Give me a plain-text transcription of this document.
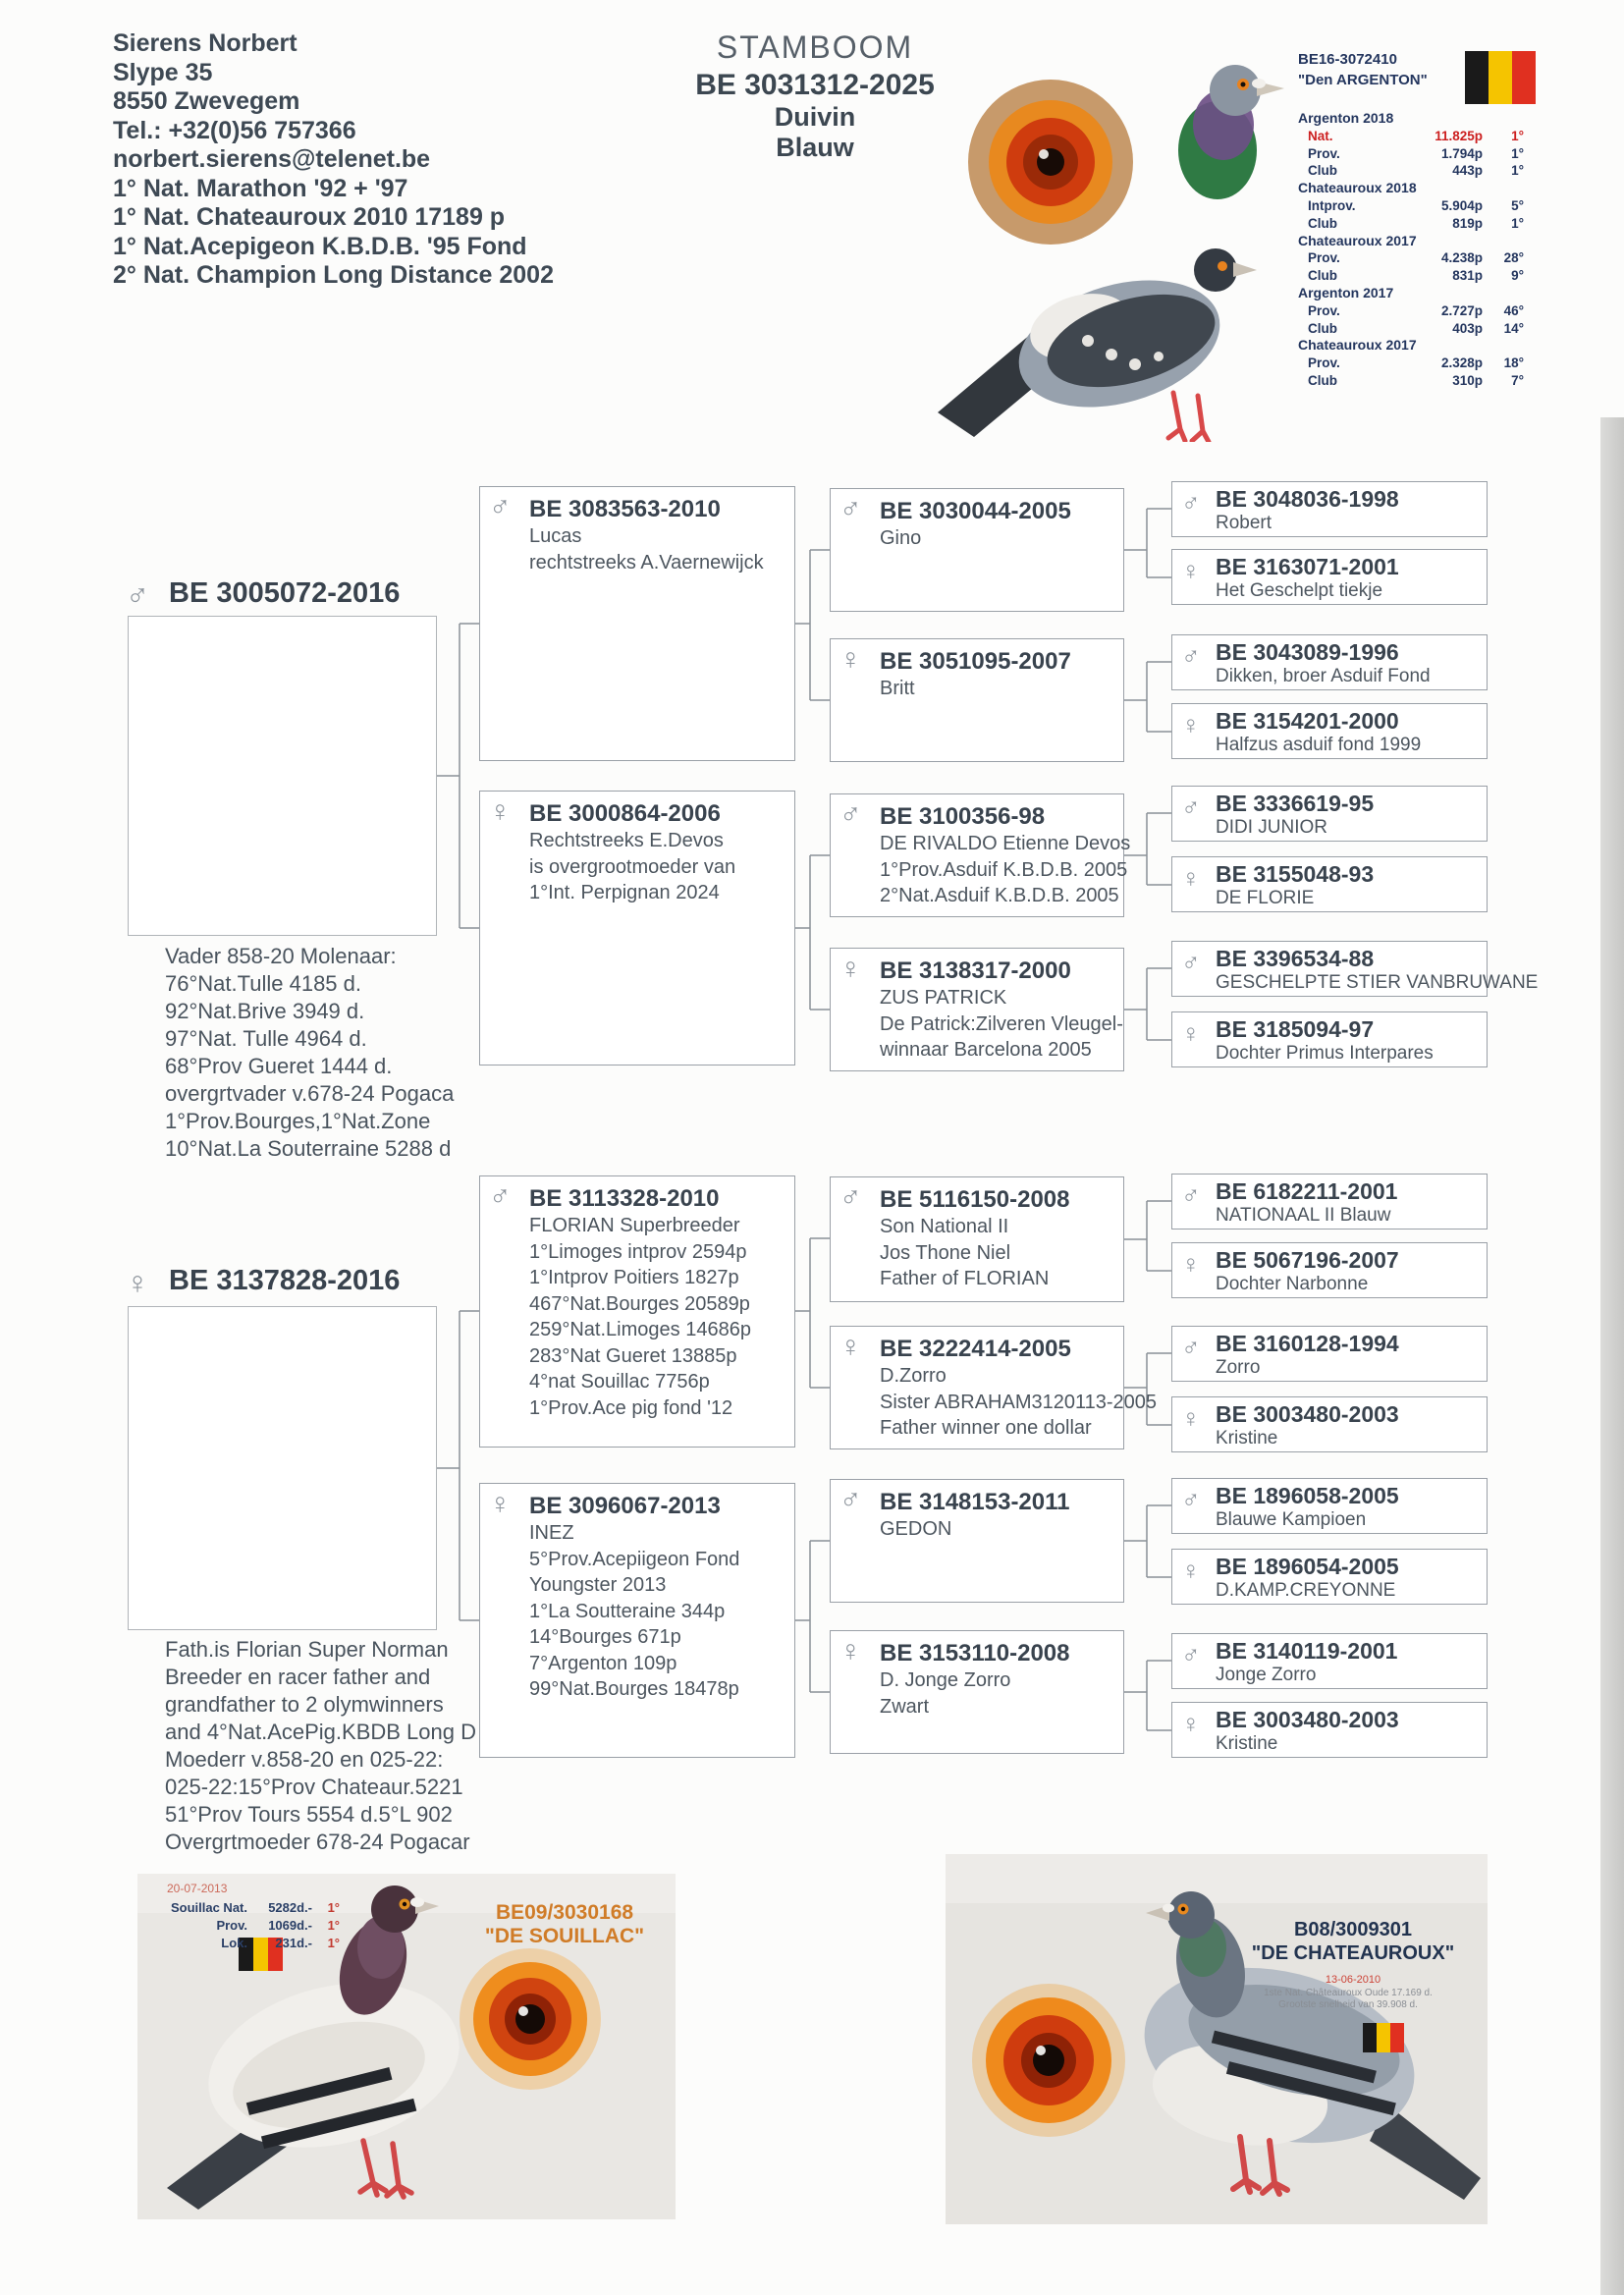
Sierens Norbert
Slype 35
8550 Zwevegem
Tel.: +32(0)56 757366
norbert.sierens@telenet.be
1° Nat. Marathon '92 + '97
1° Nat. Chateauroux 2010 17189 p
1° Nat.Acepigeon K.B.D.B. '95 Fond
2° Nat. Champion Long Distance 2002
STAMBOOM
BE 3031312-2025
Duivin
Blauw
BE16-3072410
"Den ARGENTON"
Argenton 2018
Nat.	11.825p	1°
Prov.	1.794p	1°
Club	443p	1°
Chateauroux 2018
Intprov.	5.904p	5°
Club	819p	1°
Chateauroux 2017
Prov.	4.238p	28°
Club	831p	9°
Argenton 2017
Prov.	2.727p	46°
Club	403p	14°
Chateauroux 2017
Prov.	2.328p	18°
Club	310p	7°
♂ BE 3005072-2016
Vader 858-20 Molenaar:
76°Nat.Tulle 4185 d.
92°Nat.Brive 3949 d.
97°Nat. Tulle 4964 d.
68°Prov Gueret 1444 d.
overgrtvader v.678-24 Pogaca
1°Prov.Bourges,1°Nat.Zone
10°Nat.La Souterraine 5288 d
♀ BE 3137828-2016
Fath.is Florian Super Norman
Breeder en racer father and
grandfather to 2 olymwinners
and 4°Nat.AcePig.KBDB Long D
Moederr v.858-20 en 025-22:
025-22:15°Prov Chateaur.5221
51°Prov Tours 5554 d.5°L 902
Overgrtmoeder 678-24 Pogacar
♂ BE 3083563-2010
Lucas
rechtstreeks A.Vaernewijck
♀ BE 3000864-2006
Rechtstreeks E.Devos
is overgrootmoeder van
1°Int. Perpignan 2024
♂ BE 3113328-2010
FLORIAN Superbreeder
1°Limoges intprov 2594p
1°Intprov Poitiers 1827p
467°Nat.Bourges 20589p
259°Nat.Limoges 14686p
283°Nat Gueret 13885p
4°nat Souillac 7756p
1°Prov.Ace pig fond '12
♀ BE 3096067-2013
INEZ
5°Prov.Acepiigeon Fond
Youngster 2013
1°La Soutteraine 344p
14°Bourges 671p
7°Argenton 109p
99°Nat.Bourges 18478p
♂ BE 3030044-2005
Gino
♀ BE 3051095-2007
Britt
♂ BE 3100356-98
DE RIVALDO Etienne Devos
1°Prov.Asduif K.B.D.B. 2005
2°Nat.Asduif K.B.D.B. 2005
♀ BE 3138317-2000
ZUS PATRICK
De Patrick:Zilveren Vleugel-
winnaar Barcelona 2005
♂ BE 5116150-2008
Son National II
Jos Thone Niel
Father of FLORIAN
♀ BE 3222414-2005
D.Zorro
Sister ABRAHAM3120113-2005
Father winner one dollar
♂ BE 3148153-2011
GEDON
♀ BE 3153110-2008
D. Jonge Zorro
Zwart
♂ BE 3048036-1998
Robert
♀ BE 3163071-2001
Het Geschelpt tiekje
♂ BE 3043089-1996
Dikken, broer Asduif Fond
♀ BE 3154201-2000
Halfzus asduif fond 1999
♂ BE 3336619-95
DIDI JUNIOR
♀ BE 3155048-93
DE FLORIE
♂ BE 3396534-88
GESCHELPTE STIER VANBRUWANE
♀ BE 3185094-97
Dochter Primus Interpares
♂ BE 6182211-2001
NATIONAAL II Blauw
♀ BE 5067196-2007
Dochter Narbonne
♂ BE 3160128-1994
Zorro
♀ BE 3003480-2003
Kristine
♂ BE 1896058-2005
Blauwe Kampioen
♀ BE 1896054-2005
D.KAMP.CREYONNE
♂ BE 3140119-2001
Jonge Zorro
♀ BE 3003480-2003
Kristine
20-07-2013
Souillac Nat.	5282d.-	1°
Prov.	1069d.-	1°
Lok.	231d.-	1°
BE09/3030168
"DE SOUILLAC"	B08/3009301
"DE CHATEAUROUX"
13-06-2010
1ste Nat. Châteauroux Oude 17.169 d.
Grootste snelheid van 39.908 d.
